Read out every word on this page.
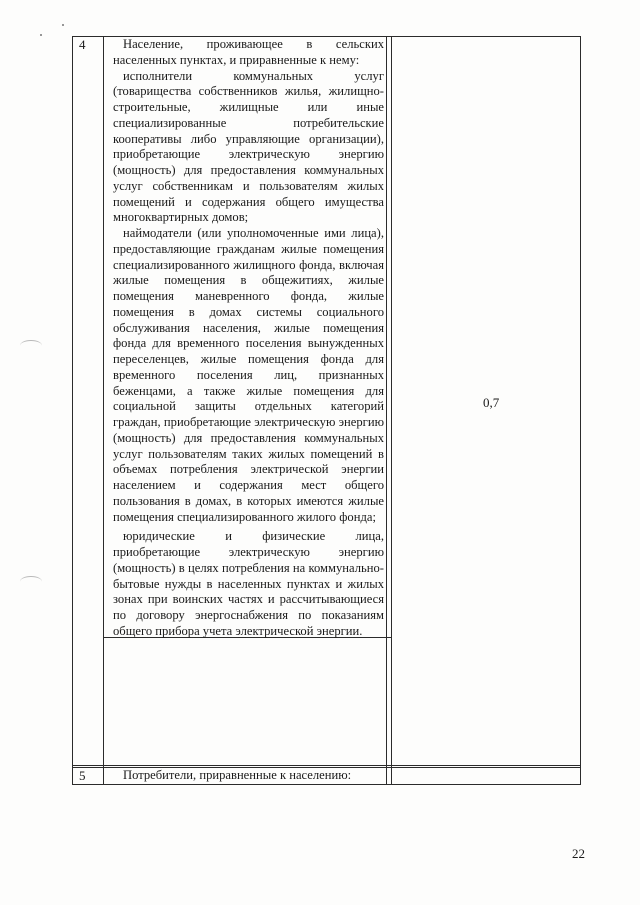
4	Население, проживающее в сельских населенных пунктах, и приравненные к нему:

исполнители коммунальных услуг (товарищества собственников жилья, жилищно-строительные, жилищные или иные специализированные потребительские кооперативы либо управляющие организации), приобретающие электрическую энергию (мощность) для предоставления коммунальных услуг собственникам и пользователям жилых помещений и содержания общего имущества многоквартирных домов;

наймодатели (или уполномоченные ими лица), предоставляющие гражданам жилые помещения специализированного жилищного фонда, включая жилые помещения в общежитиях, жилые помещения маневренного фонда, жилые помещения в домах системы социального обслуживания населения, жилые помещения фонда для временного поселения вынужденных переселенцев, жилые помещения фонда для временного поселения лиц, признанных беженцами, а также жилые помещения для социальной защиты отдельных категорий граждан, приобретающие электрическую энергию (мощность) для предоставления коммунальных услуг пользователям таких жилых помещений в объемах потребления электрической энергии населением и содержания мест общего пользования в домах, в которых имеются жилые помещения специализированного жилого фонда;

юридические и физические лица, приобретающие электрическую энергию (мощность) в целях потребления на коммунально-бытовые нужды в населенных пунктах и жилых зонах при воинских частях и рассчитывающиеся по договору энергоснабжения по показаниям общего прибора учета электрической энергии.

0,7
5	Потребители, приравненные к населению:

22
